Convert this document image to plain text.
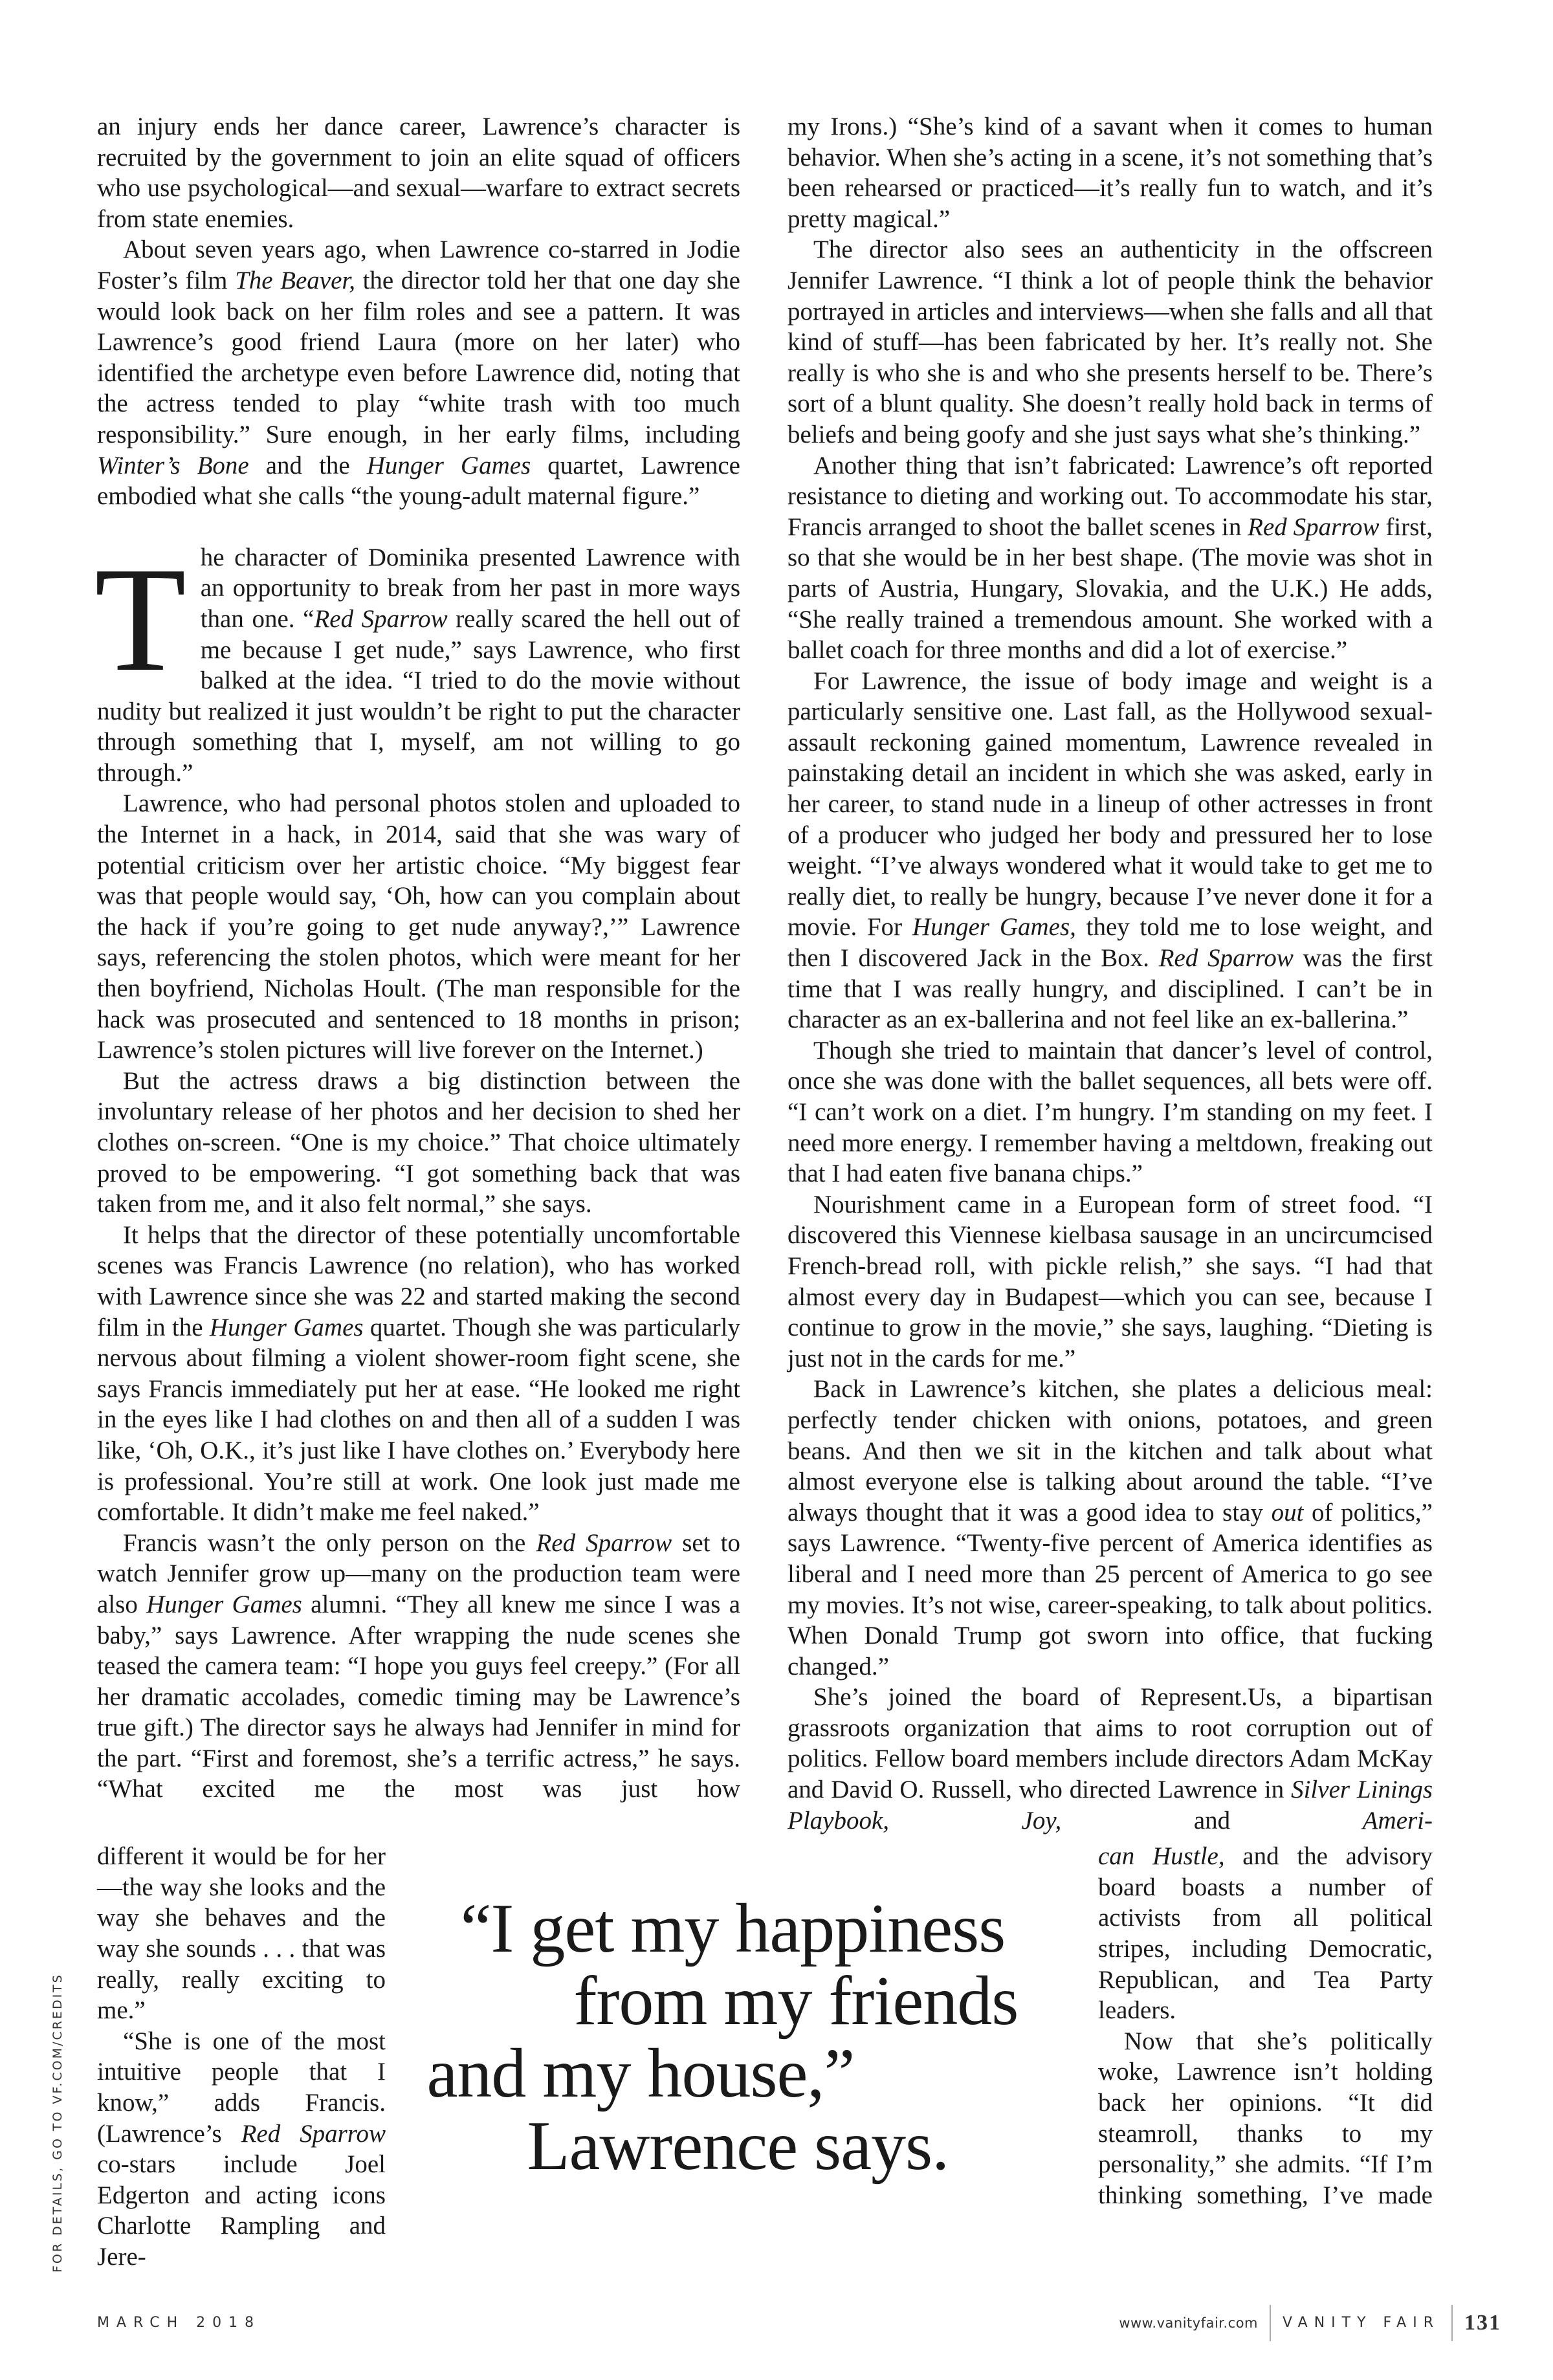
an injury ends her dance career, Lawrence’s character is recruited by the government to join an elite squad of officers who use psychological—and sexual—warfare to extract secrets from state enemies.

About seven years ago, when Lawrence co-starred in Jodie Foster’s film The Beaver, the director told her that one day she would look back on her film roles and see a pattern. It was Lawrence’s good friend Laura (more on her later) who identified the archetype even before Lawrence did, noting that the actress tended to play “white trash with too much responsibility.” Sure enough, in her early films, including Winter’s Bone and the Hunger Games quartet, Lawrence embodied what she calls “the young-adult maternal figure.”

The character of Dominika presented Lawrence with an opportunity to break from her past in more ways than one. “Red Sparrow really scared the hell out of me because I get nude,” says Lawrence, who first balked at the idea. “I tried to do the movie without nudity but realized it just wouldn’t be right to put the character through something that I, myself, am not willing to go through.”

Lawrence, who had personal photos stolen and uploaded to the Internet in a hack, in 2014, said that she was wary of potential criticism over her artistic choice. “My biggest fear was that people would say, ‘Oh, how can you complain about the hack if you’re going to get nude anyway?,’” Lawrence says, referencing the stolen photos, which were meant for her then boyfriend, Nicholas Hoult. (The man responsible for the hack was prosecuted and sentenced to 18 months in prison; Lawrence’s stolen pictures will live forever on the Internet.)

But the actress draws a big distinction between the involuntary release of her photos and her decision to shed her clothes on-screen. “One is my choice.” That choice ultimately proved to be empowering. “I got something back that was taken from me, and it also felt normal,” she says.

It helps that the director of these potentially uncomfortable scenes was Francis Lawrence (no relation), who has worked with Lawrence since she was 22 and started making the second film in the Hunger Games quartet. Though she was particularly nervous about filming a violent shower-room fight scene, she says Francis immediately put her at ease. “He looked me right in the eyes like I had clothes on and then all of a sudden I was like, ‘Oh, O.K., it’s just like I have clothes on.’ Everybody here is professional. You’re still at work. One look just made me comfortable. It didn’t make me feel naked.”

Francis wasn’t the only person on the Red Sparrow set to watch Jennifer grow up—many on the production team were also Hunger Games alumni. “They all knew me since I was a baby,” says Lawrence. After wrapping the nude scenes she teased the camera team: “I hope you guys feel creepy.” (For all her dramatic accolades, comedic timing may be Lawrence’s true gift.) The director says he always had Jennifer in mind for the part. “First and foremost, she’s a terrific actress,” he says. “What excited me the most was just how

my Irons.) “She’s kind of a savant when it comes to human behavior. When she’s acting in a scene, it’s not something that’s been rehearsed or practiced—it’s really fun to watch, and it’s pretty magical.”

The director also sees an authenticity in the offscreen Jennifer Lawrence. “I think a lot of people think the behavior portrayed in articles and interviews—when she falls and all that kind of stuff—has been fabricated by her. It’s really not. She really is who she is and who she presents herself to be. There’s sort of a blunt quality. She doesn’t really hold back in terms of beliefs and being goofy and she just says what she’s thinking.”

Another thing that isn’t fabricated: Lawrence’s oft reported resistance to dieting and working out. To accommodate his star, Francis arranged to shoot the ballet scenes in Red Sparrow first, so that she would be in her best shape. (The movie was shot in parts of Austria, Hungary, Slovakia, and the U.K.) He adds, “She really trained a tremendous amount. She worked with a ballet coach for three months and did a lot of exercise.”

For Lawrence, the issue of body image and weight is a particularly sensitive one. Last fall, as the Hollywood sexual-assault reckoning gained momentum, Lawrence revealed in painstaking detail an incident in which she was asked, early in her career, to stand nude in a lineup of other actresses in front of a producer who judged her body and pressured her to lose weight. “I’ve always wondered what it would take to get me to really diet, to really be hungry, because I’ve never done it for a movie. For Hunger Games, they told me to lose weight, and then I discovered Jack in the Box. Red Sparrow was the first time that I was really hungry, and disciplined. I can’t be in character as an ex-ballerina and not feel like an ex-ballerina.”

Though she tried to maintain that dancer’s level of control, once she was done with the ballet sequences, all bets were off. “I can’t work on a diet. I’m hungry. I’m standing on my feet. I need more energy. I remember having a meltdown, freaking out that I had eaten five banana chips.”

Nourishment came in a European form of street food. “I discovered this Viennese kielbasa sausage in an uncircumcised French-bread roll, with pickle relish,” she says. “I had that almost every day in Budapest—which you can see, because I continue to grow in the movie,” she says, laughing. “Dieting is just not in the cards for me.”

Back in Lawrence’s kitchen, she plates a delicious meal: perfectly tender chicken with onions, potatoes, and green beans. And then we sit in the kitchen and talk about what almost everyone else is talking about around the table. “I’ve always thought that it was a good idea to stay out of politics,” says Lawrence. “Twenty-five percent of America identifies as liberal and I need more than 25 percent of America to go see my movies. It’s not wise, career-speaking, to talk about politics. When Donald Trump got sworn into office, that fucking changed.”

She’s joined the board of Represent.Us, a bipartisan grassroots organization that aims to root corruption out of politics. Fellow board members include directors Adam McKay and David O. Russell, who directed Lawrence in Silver Linings Playbook, Joy, and Ameri-

different it would be for her—the way she looks and the way she behaves and the way she sounds . . . that was really, really exciting to me.”

“She is one of the most intuitive people that I know,” adds Francis. (Lawrence’s Red Sparrow co-stars include Joel Edgerton and acting icons Charlotte Rampling and Jere-

“I get my happiness
from my friends
and my house,”
Lawrence says.

can Hustle, and the advisory board boasts a number of activists from all political stripes, including Democratic, Republican, and Tea Party leaders.

Now that she’s politically woke, Lawrence isn’t holding back her opinions. “It did steamroll, thanks to my personality,” she admits. “If I’m thinking something, I’ve made

MARCH 2018	www.vanityfair.com VANITY FAIR 131
FOR DETAILS, GO TO VF.COM/CREDITS
